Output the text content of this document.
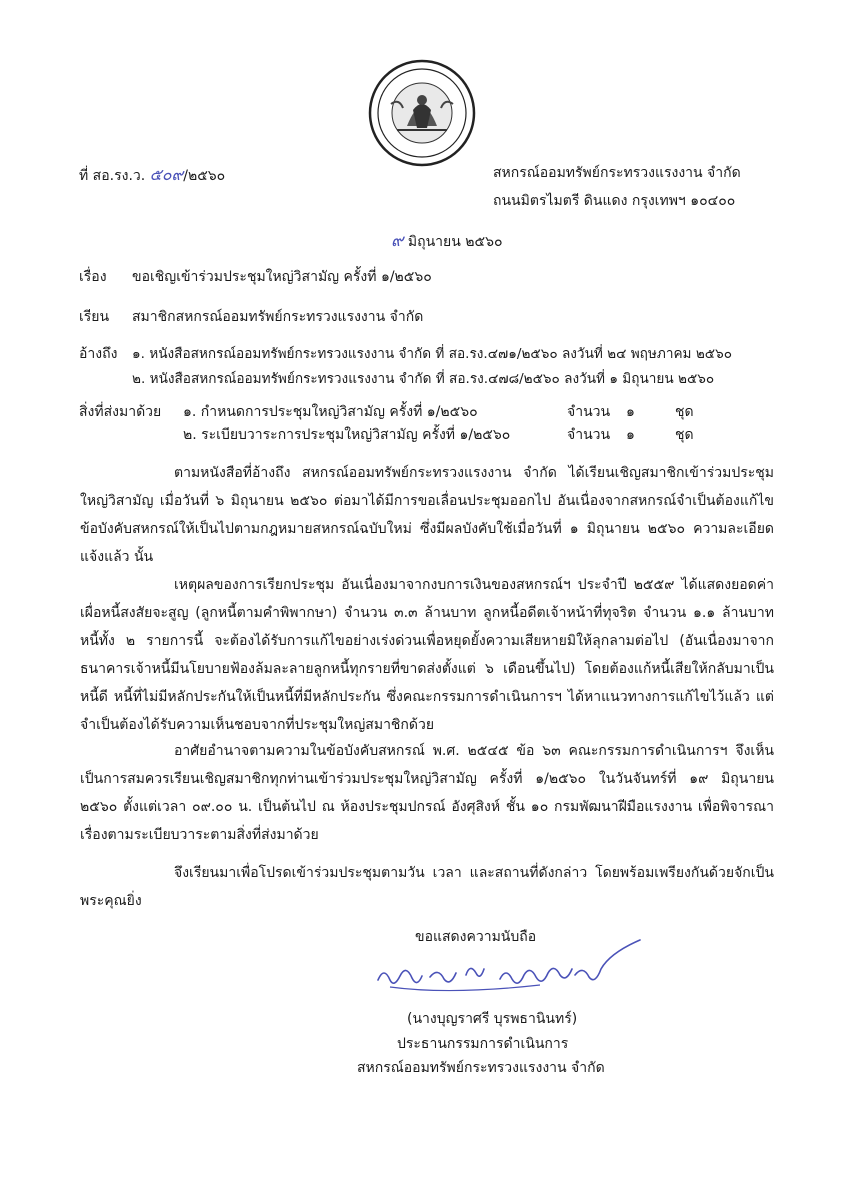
ที่ สอ.รง.ว. ๕๐๙/๒๕๖๐	สหกรณ์ออมทรัพย์กระทรวงแรงงาน จำกัด
ถนนมิตรไมตรี ดินแดง กรุงเทพฯ ๑๐๔๐๐
๙ มิถุนายน ๒๕๖๐
เรื่อง ขอเชิญเข้าร่วมประชุมใหญ่วิสามัญ ครั้งที่ ๑/๒๕๖๐
เรียน สมาชิกสหกรณ์ออมทรัพย์กระทรวงแรงงาน จำกัด
อ้างถึง ๑. หนังสือสหกรณ์ออมทรัพย์กระทรวงแรงงาน จำกัด ที่ สอ.รง.๔๗๑/๒๕๖๐ ลงวันที่ ๒๔ พฤษภาคม ๒๕๖๐
๒. หนังสือสหกรณ์ออมทรัพย์กระทรวงแรงงาน จำกัด ที่ สอ.รง.๔๗๘/๒๕๖๐ ลงวันที่ ๑ มิถุนายน ๒๕๖๐
สิ่งที่ส่งมาด้วย ๑. กำหนดการประชุมใหญ่วิสามัญ ครั้งที่ ๑/๒๕๖๐	จำนวน ๑	ชุด
๒. ระเบียบวาระการประชุมใหญ่วิสามัญ ครั้งที่ ๑/๒๕๖๐	จำนวน ๑	ชุด
ตามหนังสือที่อ้างถึง สหกรณ์ออมทรัพย์กระทรวงแรงงาน จำกัด ได้เรียนเชิญสมาชิกเข้าร่วมประชุมใหญ่วิสามัญ เมื่อวันที่ ๖ มิถุนายน ๒๕๖๐ ต่อมาได้มีการขอเลื่อนประชุมออกไป อันเนื่องจากสหกรณ์จำเป็นต้องแก้ไขข้อบังคับสหกรณ์ให้เป็นไปตามกฎหมายสหกรณ์ฉบับใหม่ ซึ่งมีผลบังคับใช้เมื่อวันที่ ๑ มิถุนายน ๒๕๖๐ ความละเอียดแจ้งแล้ว นั้น
เหตุผลของการเรียกประชุม อันเนื่องมาจากงบการเงินของสหกรณ์ฯ ประจำปี ๒๕๕๙ ได้แสดงยอดค่าเผื่อหนี้สงสัยจะสูญ (ลูกหนี้ตามคำพิพากษา) จำนวน ๓.๓ ล้านบาท ลูกหนี้อดีตเจ้าหน้าที่ทุจริต จำนวน ๑.๑ ล้านบาท หนี้ทั้ง ๒ รายการนี้ จะต้องได้รับการแก้ไขอย่างเร่งด่วนเพื่อหยุดยั้งความเสียหายมิให้ลุกลามต่อไป (อันเนื่องมาจากธนาคารเจ้าหนี้มีนโยบายฟ้องล้มละลายลูกหนี้ทุกรายที่ขาดส่งตั้งแต่ ๖ เดือนขึ้นไป) โดยต้องแก้หนี้เสียให้กลับมาเป็นหนี้ดี หนี้ที่ไม่มีหลักประกันให้เป็นหนี้ที่มีหลักประกัน ซึ่งคณะกรรมการดำเนินการฯ ได้หาแนวทางการแก้ไขไว้แล้ว แต่จำเป็นต้องได้รับความเห็นชอบจากที่ประชุมใหญ่สมาชิกด้วย
อาศัยอำนาจตามความในข้อบังคับสหกรณ์ พ.ศ. ๒๕๔๕ ข้อ ๖๓ คณะกรรมการดำเนินการฯ จึงเห็นเป็นการสมควรเรียนเชิญสมาชิกทุกท่านเข้าร่วมประชุมใหญ่วิสามัญ ครั้งที่ ๑/๒๕๖๐ ในวันจันทร์ที่ ๑๙ มิถุนายน ๒๕๖๐ ตั้งแต่เวลา ๐๙.๐๐ น. เป็นต้นไป ณ ห้องประชุมปกรณ์ อังศุสิงห์ ชั้น ๑๐ กรมพัฒนาฝีมือแรงงาน เพื่อพิจารณาเรื่องตามระเบียบวาระตามสิ่งที่ส่งมาด้วย
จึงเรียนมาเพื่อโปรดเข้าร่วมประชุมตามวัน เวลา และสถานที่ดังกล่าว โดยพร้อมเพรียงกันด้วยจักเป็นพระคุณยิ่ง
ขอแสดงความนับถือ
(นางบุญราศรี บุรพธานินทร์)
ประธานกรรมการดำเนินการ
สหกรณ์ออมทรัพย์กระทรวงแรงงาน จำกัด
